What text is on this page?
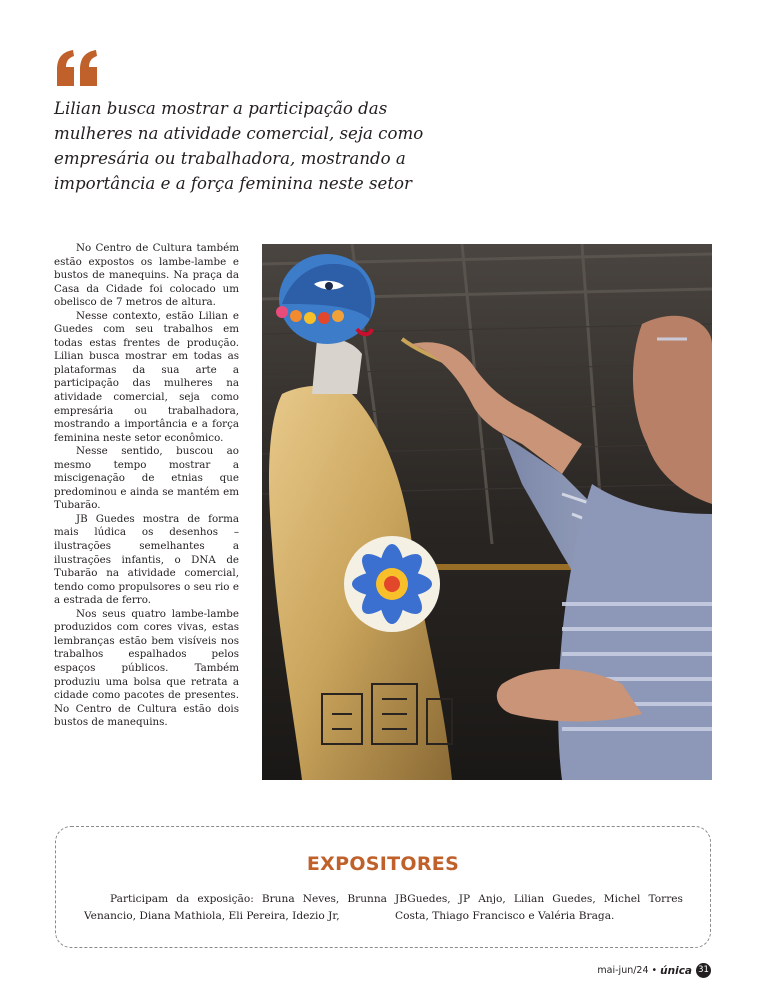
Lilian busca mostrar a participação das mulheres na atividade comercial, seja como empresária ou trabalhadora, mostrando a importância e a força feminina neste setor

No Centro de Cultura também estão expostos os lambe-lambe e bustos de manequins. Na praça da Casa da Cidade foi colocado um obelisco de 7 metros de altura.

Nesse contexto, estão Lilian e Guedes com seu trabalhos em todas estas frentes de produção. Lilian busca mostrar em todas as plataformas da sua arte a participação das mulheres na atividade comercial, seja como empresária ou trabalhadora, mostrando a importância e a força feminina neste setor econômico.

Nesse sentido, buscou ao mesmo tempo mostrar a miscigenação de etnias que predominou e ainda se mantém em Tubarão.

JB Guedes mostra de forma mais lúdica os desenhos – ilustrações semelhantes a ilustrações infantis, o DNA de Tubarão na atividade comercial, tendo como propulsores o seu rio e a estrada de ferro.

Nos seus quatro lambe-lambe produzidos com cores vivas, estas lembranças estão bem visíveis nos trabalhos espalhados pelos espaços públicos. Também produziu uma bolsa que retrata a cidade como pacotes de presentes. No Centro de Cultura estão dois bustos de manequins.

EXPOSITORES
Participam da exposição: Bruna Neves, Brunna Venancio, Diana Mathiola, Eli Pereira, Idezio Jr,
JBGuedes, JP Anjo, Lilian Guedes, Michel Torres Costa, Thiago Francisco e Valéria Braga.
mai-jun/24 • única 31
